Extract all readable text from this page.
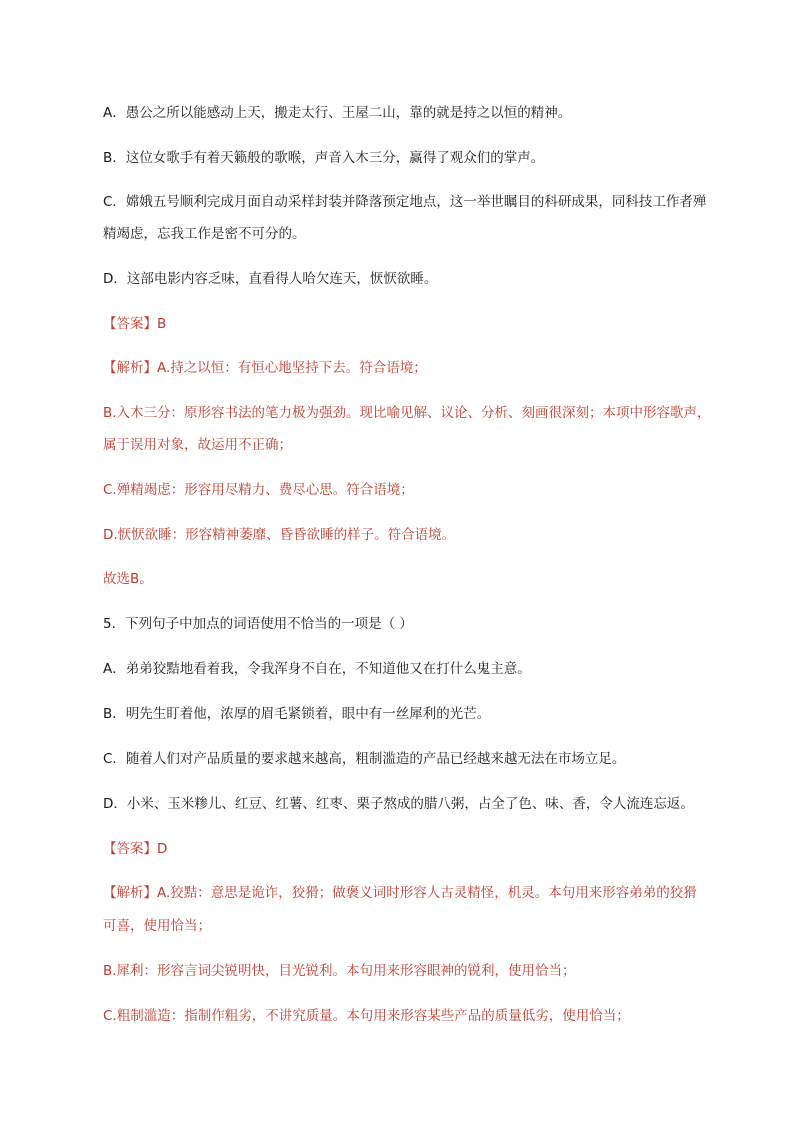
A．愚公之所以能感动上天，搬走太行、王屋二山，靠的就是持之以恒的精神。
B．这位女歌手有着天籁般的歌喉，声音入木三分，赢得了观众们的掌声。
C．嫦娥五号顺利完成月面自动采样封装并降落预定地点，这一举世瞩目的科研成果，同科技工作者殚
精竭虑，忘我工作是密不可分的。
D．这部电影内容乏味，直看得人哈欠连天，恹恹欲睡。
【答案】B
【解析】A.持之以恒：有恒心地坚持下去。符合语境；
B.入木三分：原形容书法的笔力极为强劲。现比喻见解、议论、分析、刻画很深刻；本项中形容歌声，
属于误用对象，故运用不正确；
C.殚精竭虑：形容用尽精力、费尽心思。符合语境；
D.恹恹欲睡：形容精神萎靡、昏昏欲睡的样子。符合语境。
故选B。
5．下列句子中加点的词语使用不恰当的一项是（ ）
A．弟弟狡黠地看着我，令我浑身不自在，不知道他又在打什么鬼主意。
B．明先生盯着他，浓厚的眉毛紧锁着，眼中有一丝犀利的光芒。
C．随着人们对产品质量的要求越来越高，粗制滥造的产品已经越来越无法在市场立足。
D．小米、玉米糁儿、红豆、红薯、红枣、栗子熬成的腊八粥，占全了色、味、香，令人流连忘返。
【答案】D
【解析】A.狡黠：意思是诡诈，狡猾；做褒义词时形容人古灵精怪，机灵。本句用来形容弟弟的狡猾
可喜，使用恰当；
B.犀利：形容言词尖锐明快，目光锐利。本句用来形容眼神的锐利，使用恰当；
C.粗制滥造：指制作粗劣，不讲究质量。本句用来形容某些产品的质量低劣，使用恰当；
